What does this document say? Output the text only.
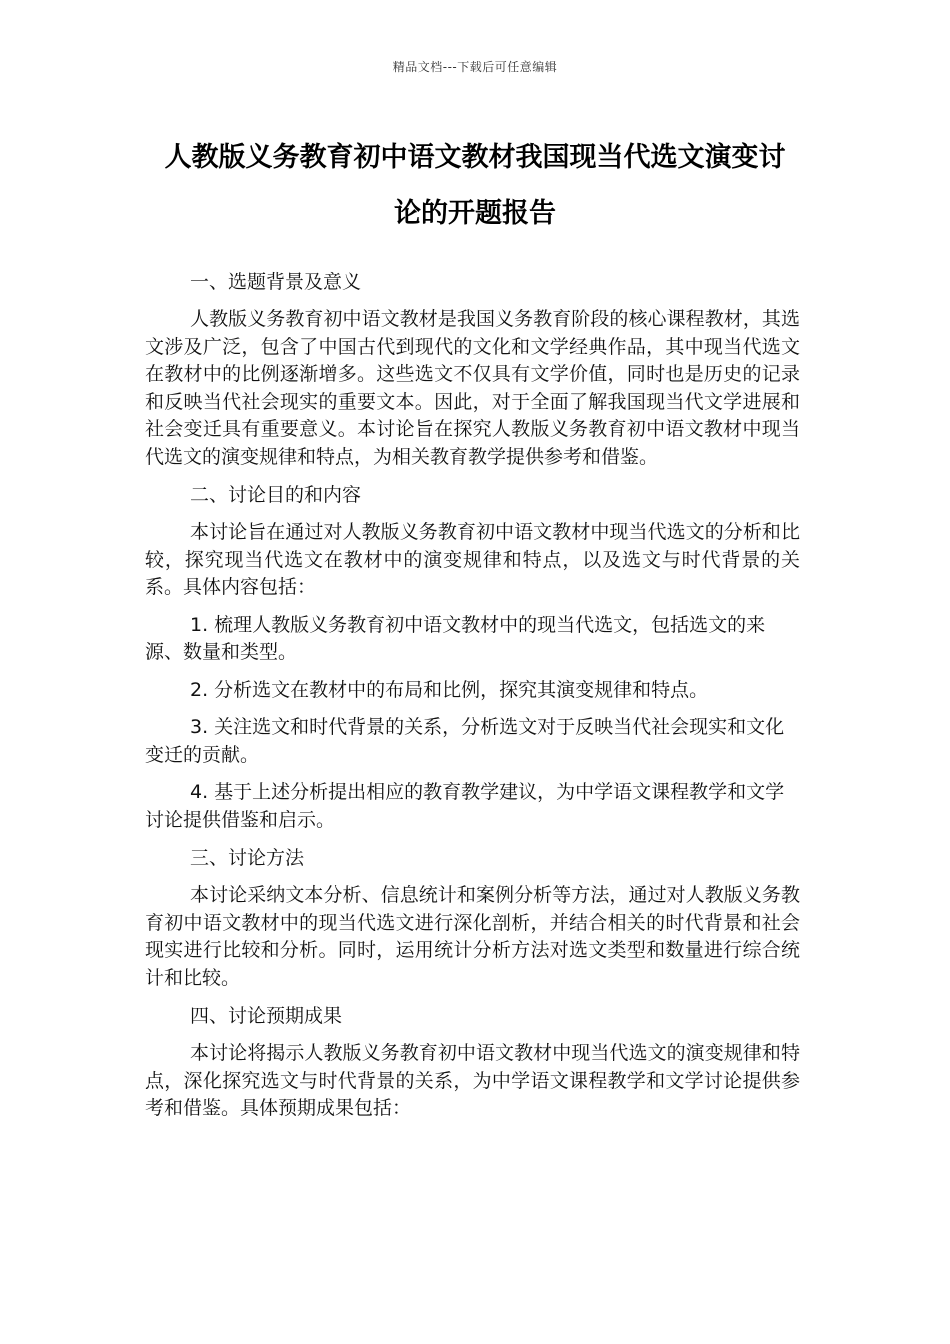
精品文档---下载后可任意编辑
人教版义务教育初中语文教材我国现当代选文演变讨
论的开题报告

一、选题背景及意义

人教版义务教育初中语文教材是我国义务教育阶段的核心课程教材，其选文涉及广泛，包含了中国古代到现代的文化和文学经典作品，其中现当代选文在教材中的比例逐渐增多。这些选文不仅具有文学价值，同时也是历史的记录和反映当代社会现实的重要文本。因此，对于全面了解我国现当代文学进展和社会变迁具有重要意义。本讨论旨在探究人教版义务教育初中语文教材中现当代选文的演变规律和特点，为相关教育教学提供参考和借鉴。

二、讨论目的和内容

本讨论旨在通过对人教版义务教育初中语文教材中现当代选文的分析和比较，探究现当代选文在教材中的演变规律和特点，以及选文与时代背景的关系。具体内容包括：

1. 梳理人教版义务教育初中语文教材中的现当代选文，包括选文的来源、数量和类型。

2. 分析选文在教材中的布局和比例，探究其演变规律和特点。

3. 关注选文和时代背景的关系，分析选文对于反映当代社会现实和文化变迁的贡献。

4. 基于上述分析提出相应的教育教学建议，为中学语文课程教学和文学讨论提供借鉴和启示。

三、讨论方法

本讨论采纳文本分析、信息统计和案例分析等方法，通过对人教版义务教育初中语文教材中的现当代选文进行深化剖析，并结合相关的时代背景和社会现实进行比较和分析。同时，运用统计分析方法对选文类型和数量进行综合统计和比较。

四、讨论预期成果

本讨论将揭示人教版义务教育初中语文教材中现当代选文的演变规律和特点，深化探究选文与时代背景的关系，为中学语文课程教学和文学讨论提供参考和借鉴。具体预期成果包括：
